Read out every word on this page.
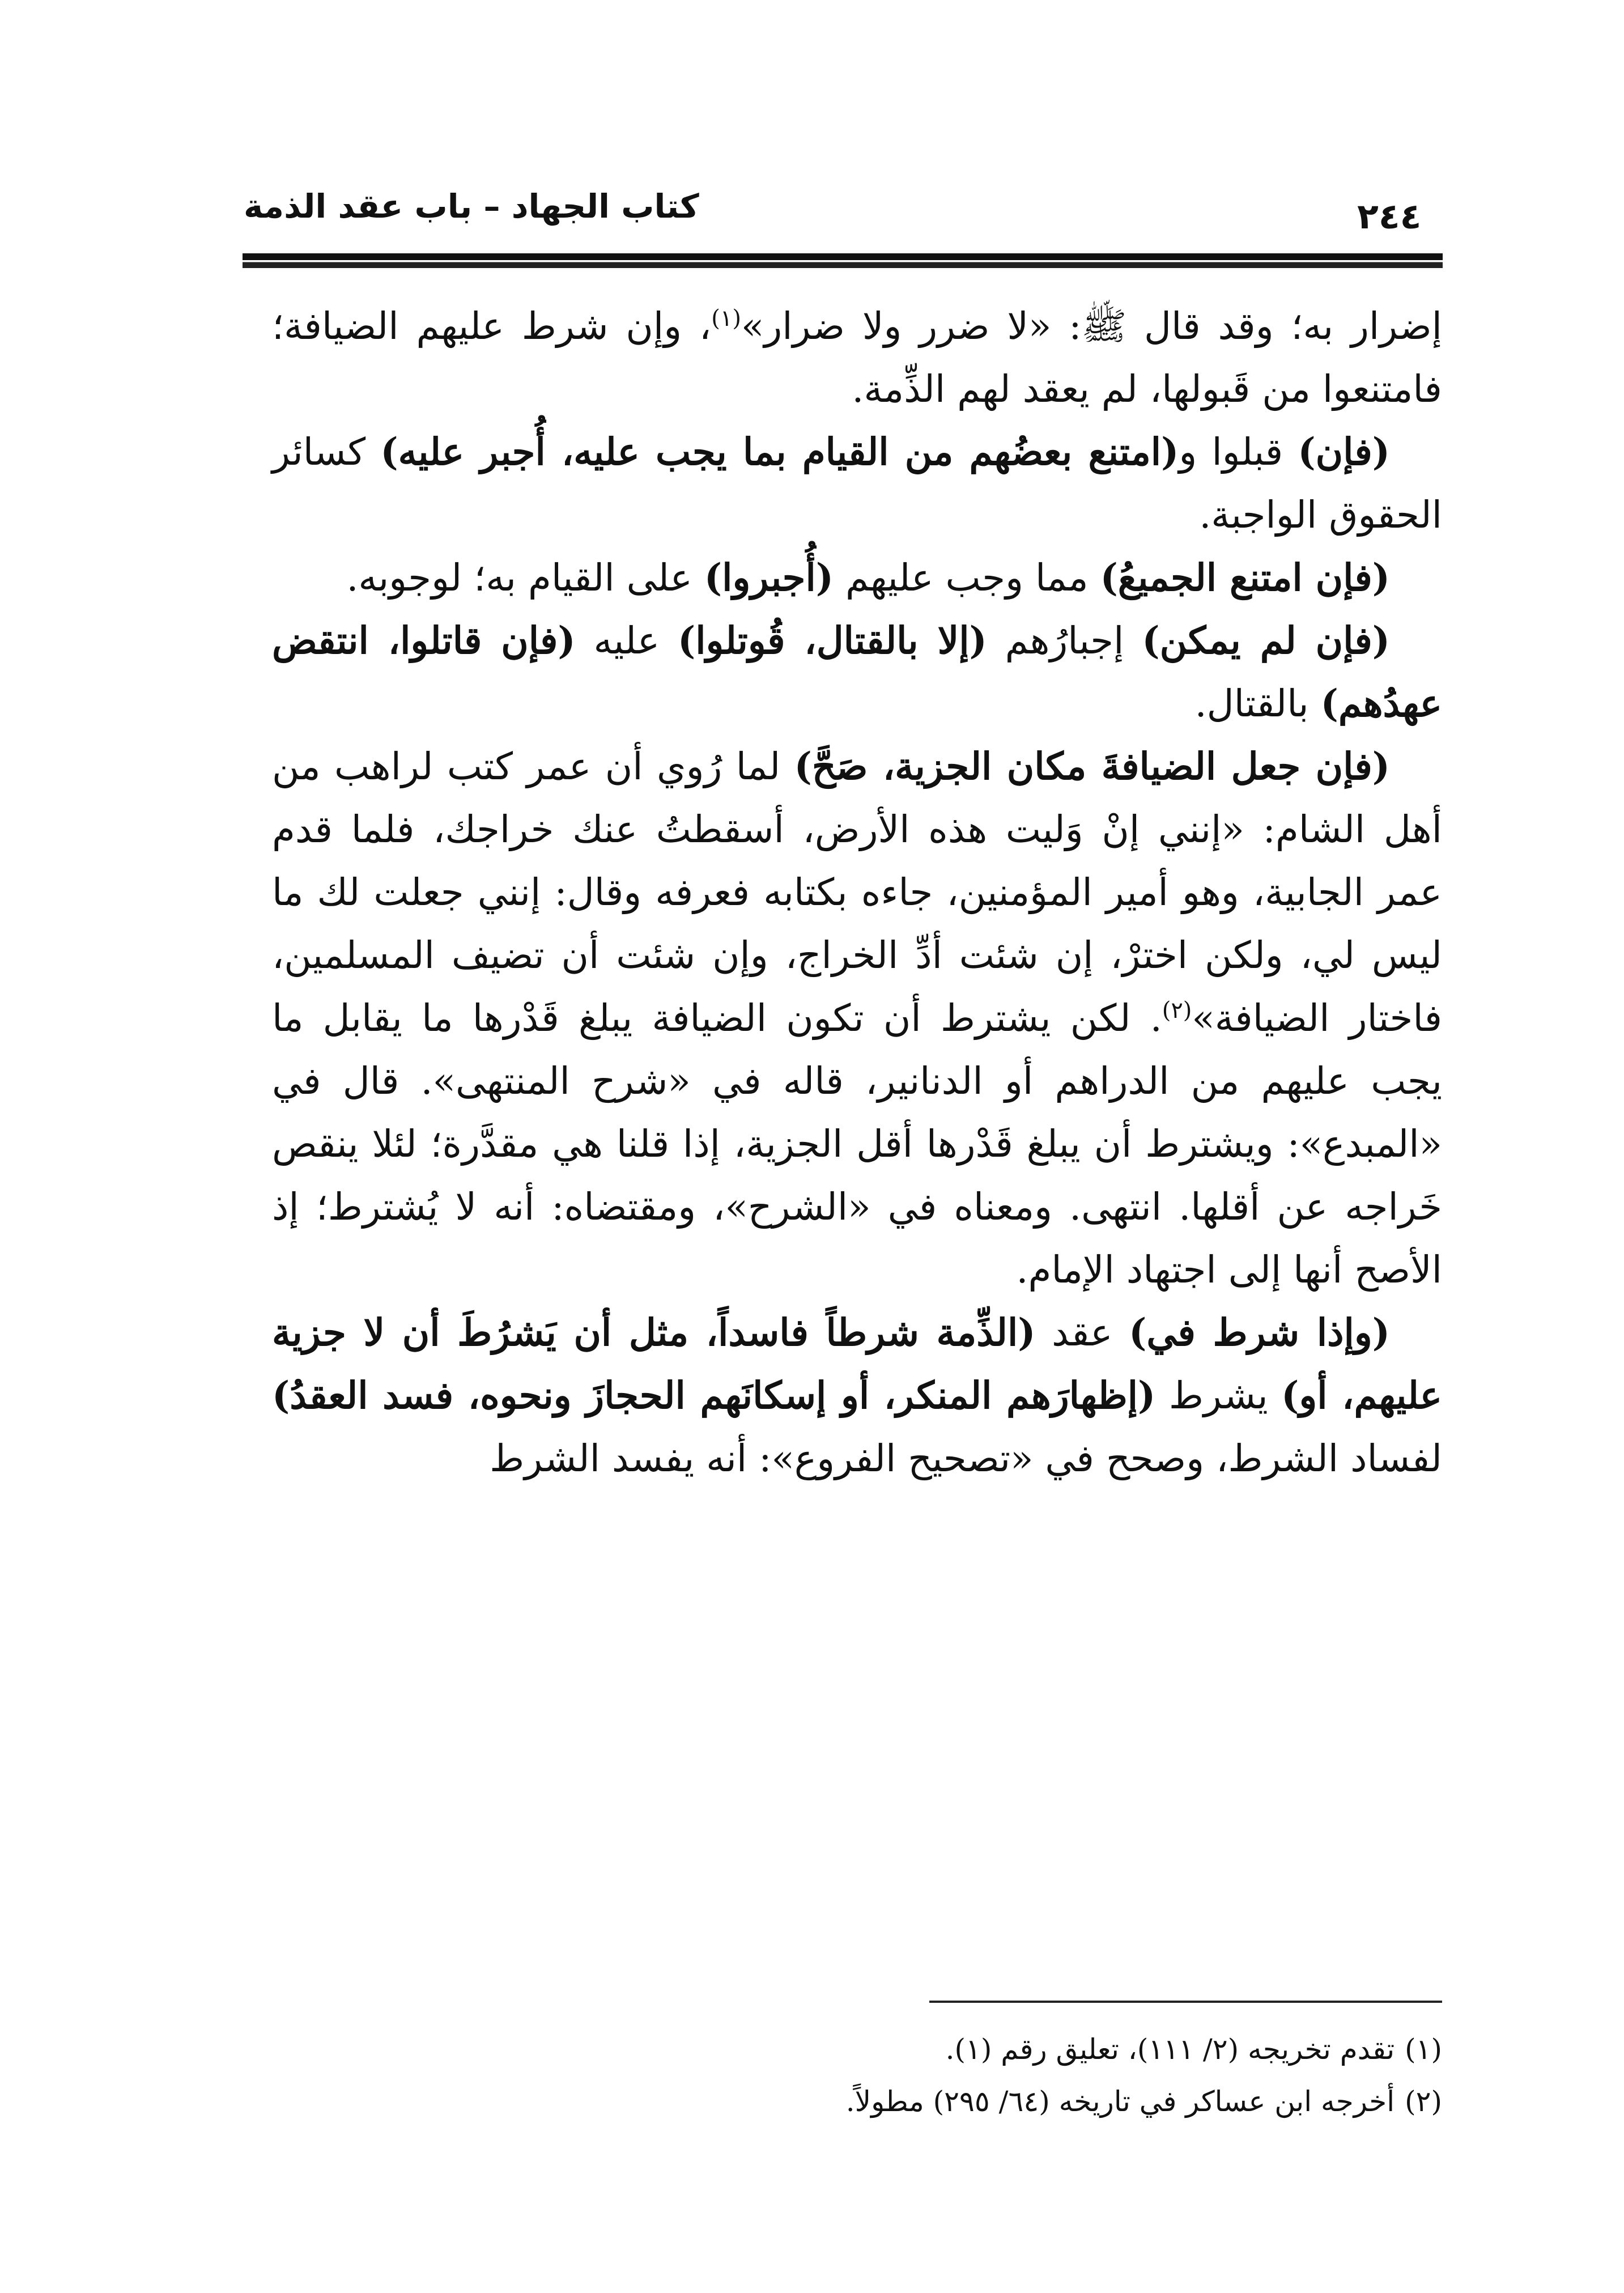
كتاب الجهاد – باب عقد الذمة	٢٤٤

إضرار به؛ وقد قال ﷺ: «لا ضرر ولا ضرار»$^{(١)}$، وإن شرط عليهم الضيافة؛ فامتنعوا من قَبولها، لم يعقد لهم الذِّمة.

(فإن) قبلوا و(امتنع بعضُهم من القيام بما يجب عليه، أُجبر عليه) كسائر الحقوق الواجبة.

(فإن امتنع الجميعُ) مما وجب عليهم (أُجبروا) على القيام به؛ لوجوبه.

(فإن لم يمكن) إجبارُهم (إلا بالقتال، قُوتلوا) عليه (فإن قاتلوا، انتقض عهدُهم) بالقتال.

(فإن جعل الضيافةَ مكان الجزية، صَحَّ) لما رُوي أن عمر كتب لراهب من أهل الشام: «إنني إنْ وَليت هذه الأرض، أسقطتُ عنك خراجك، فلما قدم عمر الجابية، وهو أمير المؤمنين، جاءه بكتابه فعرفه وقال: إنني جعلت لك ما ليس لي، ولكن اخترْ، إن شئت أدِّ الخراج، وإن شئت أن تضيف المسلمين، فاختار الضيافة»$^{(٢)}$. لكن يشترط أن تكون الضيافة يبلغ قَدْرها ما يقابل ما يجب عليهم من الدراهم أو الدنانير، قاله في «شرح المنتهى». قال في «المبدع»: ويشترط أن يبلغ قَدْرها أقل الجزية، إذا قلنا هي مقدَّرة؛ لئلا ينقص خَراجه عن أقلها. انتهى. ومعناه في «الشرح»، ومقتضاه: أنه لا يُشترط؛ إذ الأصح أنها إلى اجتهاد الإمام.

(وإذا شرط في) عقد (الذِّمة شرطاً فاسداً، مثل أن يَشرُطَ أن لا جزية عليهم، أو) يشرط (إظهارَهم المنكر، أو إسكانَهم الحجازَ ونحوه، فسد العقدُ) لفساد الشرط، وصحح في «تصحيح الفروع»: أنه يفسد الشرط

(١)تقدم تخريجه (٢/ ١١١)، تعليق رقم (١).

(٢)أخرجه ابن عساكر في تاريخه (٦٤/ ٢٩٥) مطولاً.
